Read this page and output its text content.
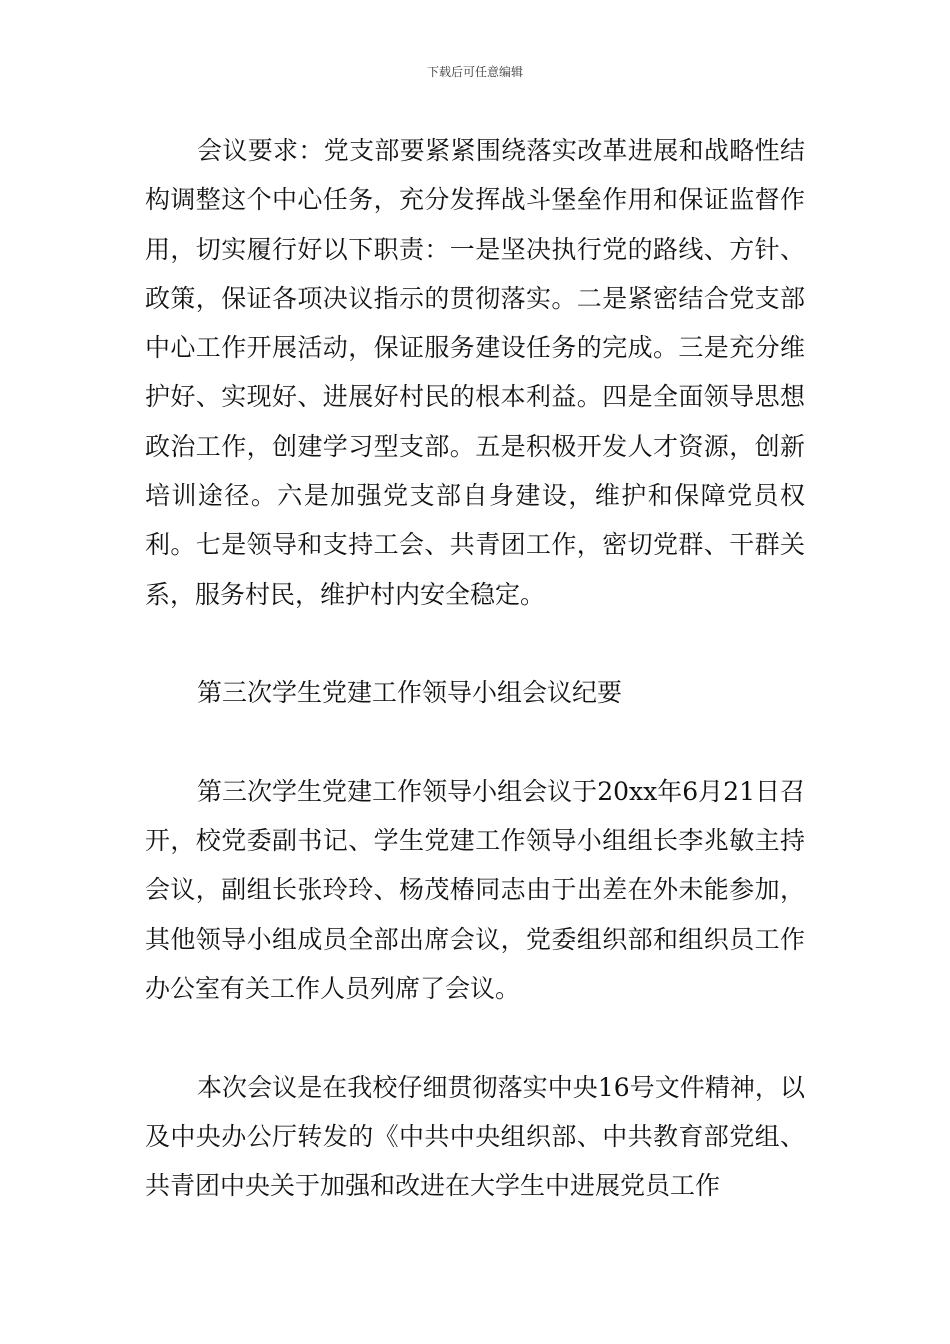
下载后可任意编辑

会议要求：党支部要紧紧围绕落实改革进展和战略性结构调整这个中心任务，充分发挥战斗堡垒作用和保证监督作用，切实履行好以下职责：一是坚决执行党的路线、方针、政策，保证各项决议指示的贯彻落实。二是紧密结合党支部中心工作开展活动，保证服务建设任务的完成。三是充分维护好、实现好、进展好村民的根本利益。四是全面领导思想政治工作，创建学习型支部。五是积极开发人才资源，创新培训途径。六是加强党支部自身建设，维护和保障党员权利。七是领导和支持工会、共青团工作，密切党群、干群关系，服务村民，维护村内安全稳定。

第三次学生党建工作领导小组会议纪要

第三次学生党建工作领导小组会议于20xx年6月21日召开，校党委副书记、学生党建工作领导小组组长李兆敏主持会议，副组长张玲玲、杨茂椿同志由于出差在外未能参加，其他领导小组成员全部出席会议，党委组织部和组织员工作办公室有关工作人员列席了会议。

本次会议是在我校仔细贯彻落实中央16号文件精神，以及中央办公厅转发的《中共中央组织部、中共教育部党组、共青团中央关于加强和改进在大学生中进展党员工作
